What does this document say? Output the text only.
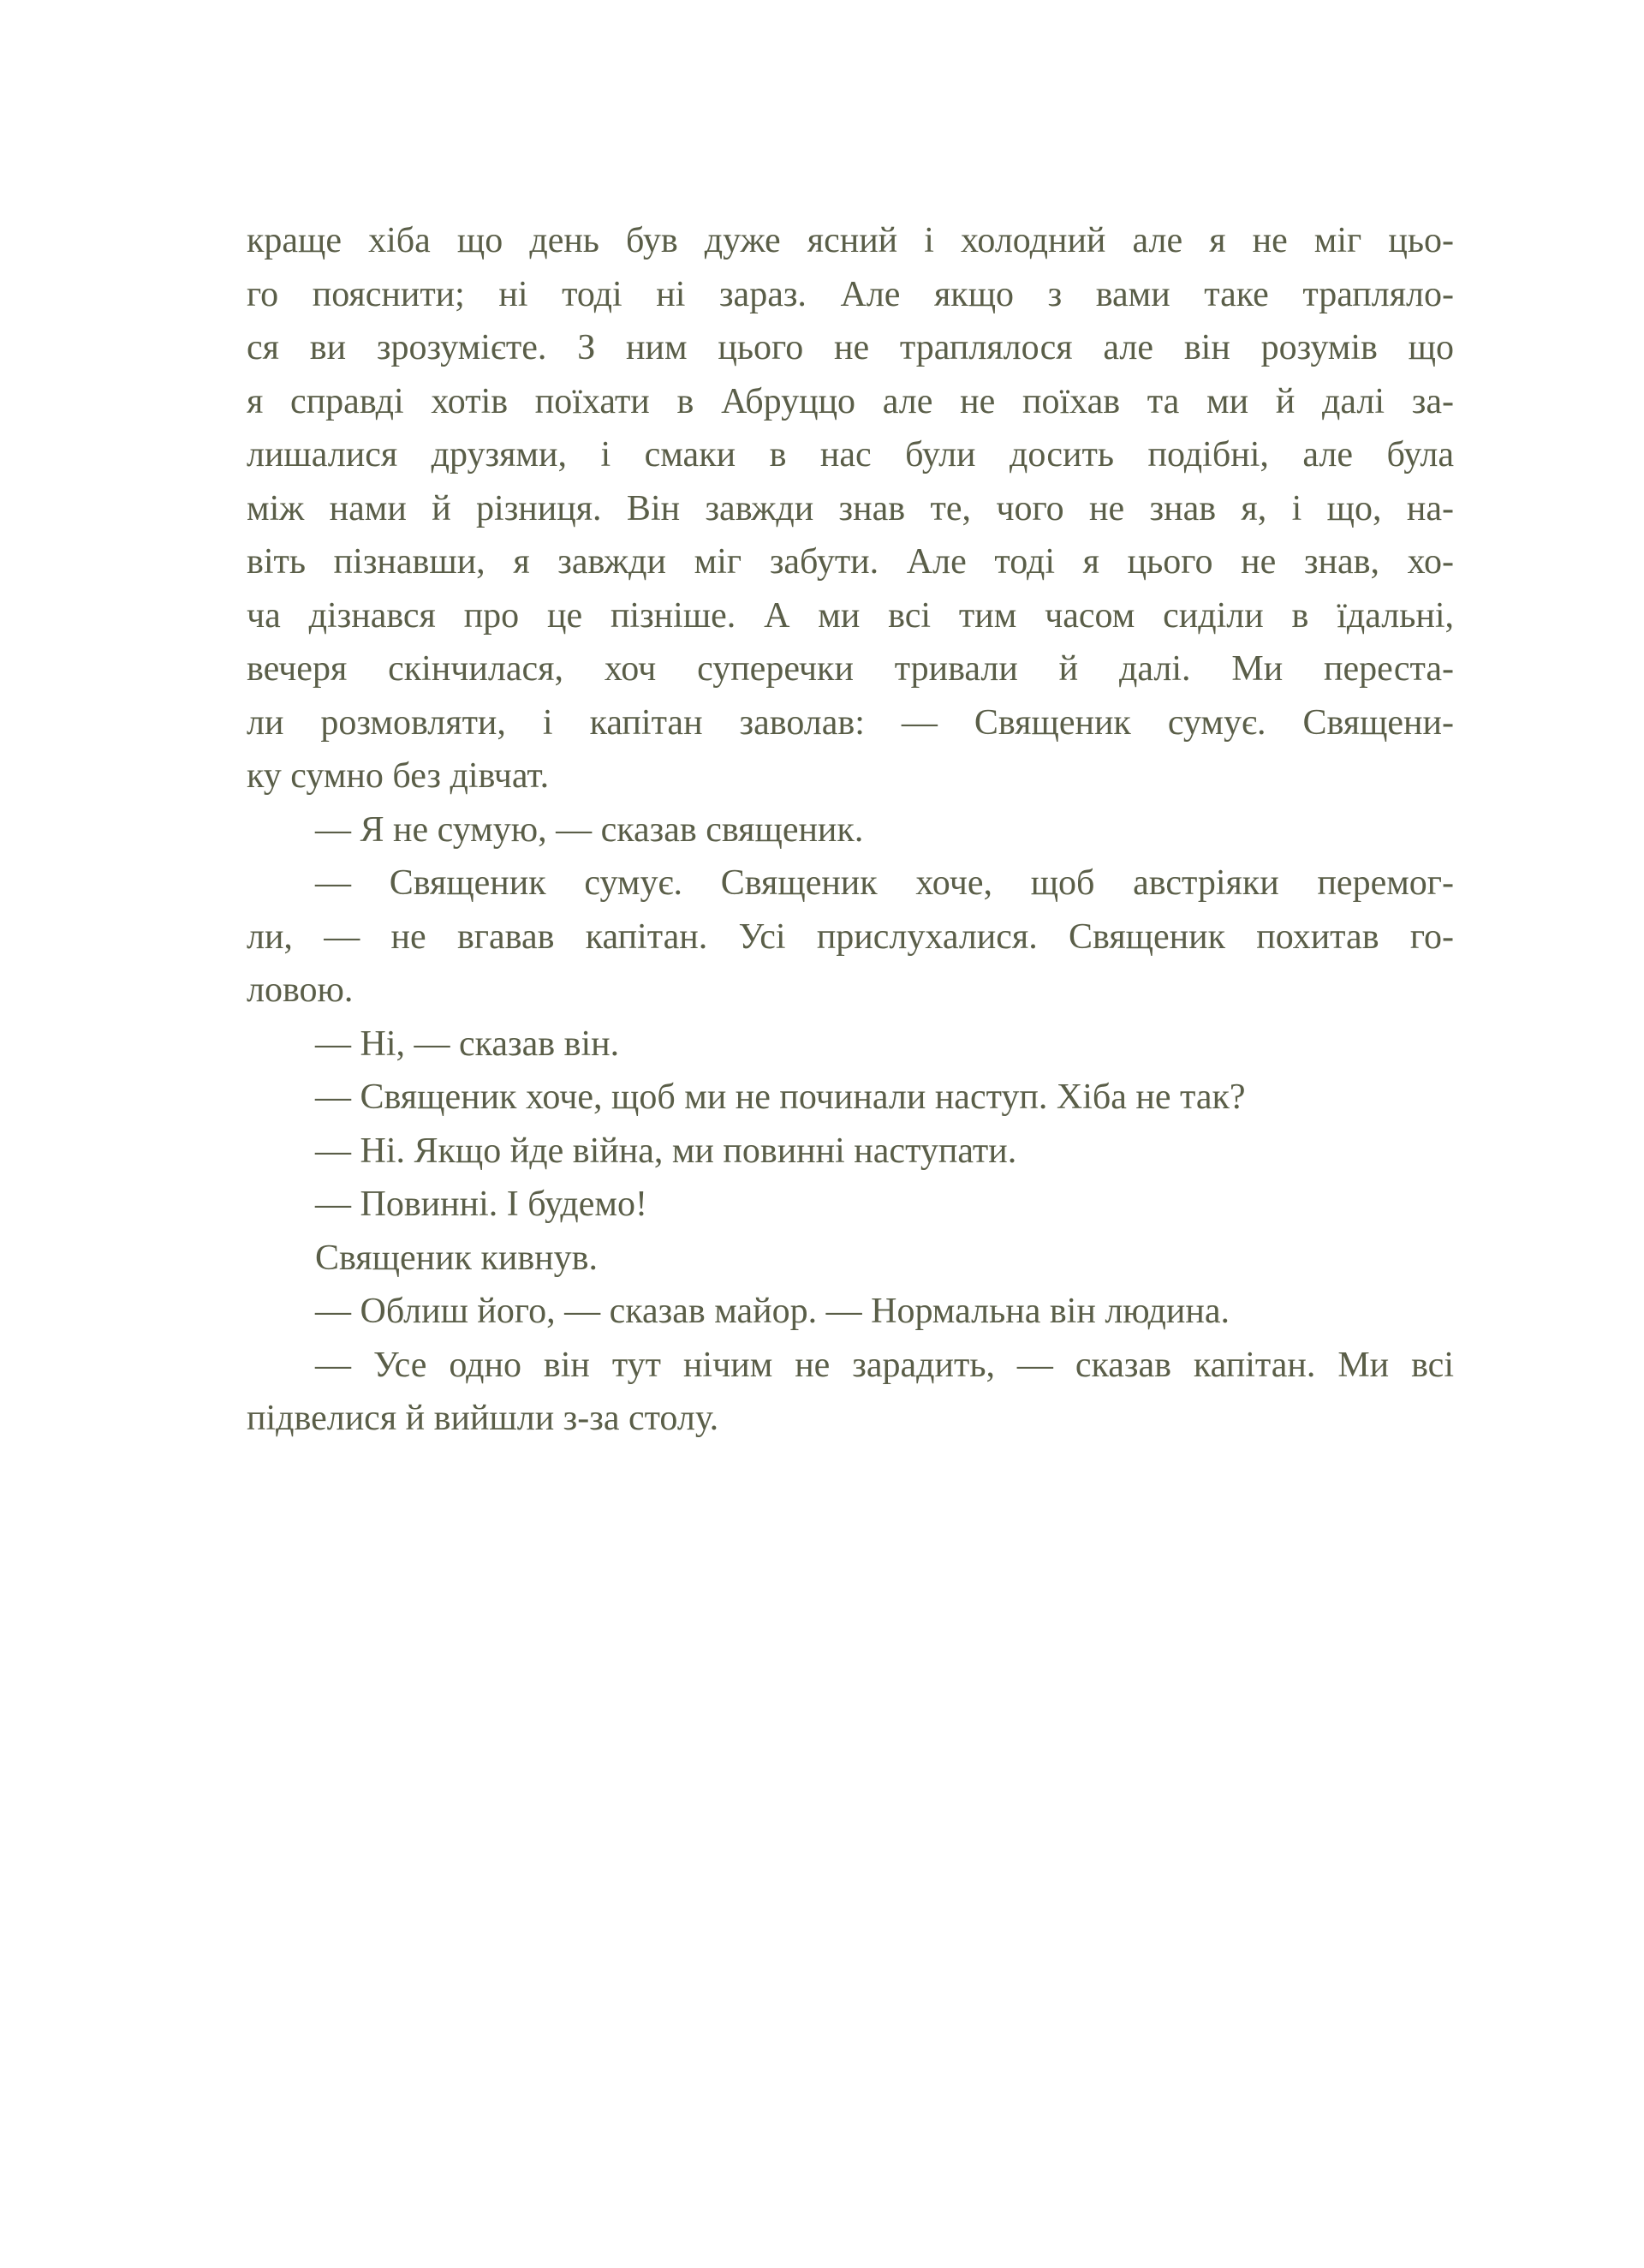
краще хіба що день був дуже ясний і холодний але я не міг цьо-
го пояснити; ні тоді ні зараз. Але якщо з вами таке трапляло-
ся ви зрозумієте. З ним цього не траплялося але він розумів що
я справді хотів поїхати в Абруццо але не поїхав та ми й далі за-
лишалися друзями, і смаки в нас були досить подібні, але була
між нами й різниця. Він завжди знав те, чого не знав я, і що, на-
віть пізнавши, я завжди міг забути. Але тоді я цього не знав, хо-
ча дізнався про це пізніше. А ми всі тим часом сиділи в їдальні,
вечеря скінчилася, хоч суперечки тривали й далі. Ми переста-
ли розмовляти, і капітан заволав: — Священик сумує. Священи-
ку сумно без дівчат.
— Я не сумую, — сказав священик.
— Священик сумує. Священик хоче, щоб австріяки перемог-
ли, — не вгавав капітан. Усі прислухалися. Священик похитав го-
ловою.
— Ні, — сказав він.
— Священик хоче, щоб ми не починали наступ. Хіба не так?
— Ні. Якщо йде війна, ми повинні наступати.
— Повинні. І будемо!
Священик кивнув.
— Облиш його, — сказав майор. — Нормальна він людина.
— Усе одно він тут нічим не зарадить, — сказав капітан. Ми всі
підвелися й вийшли з-за столу.
